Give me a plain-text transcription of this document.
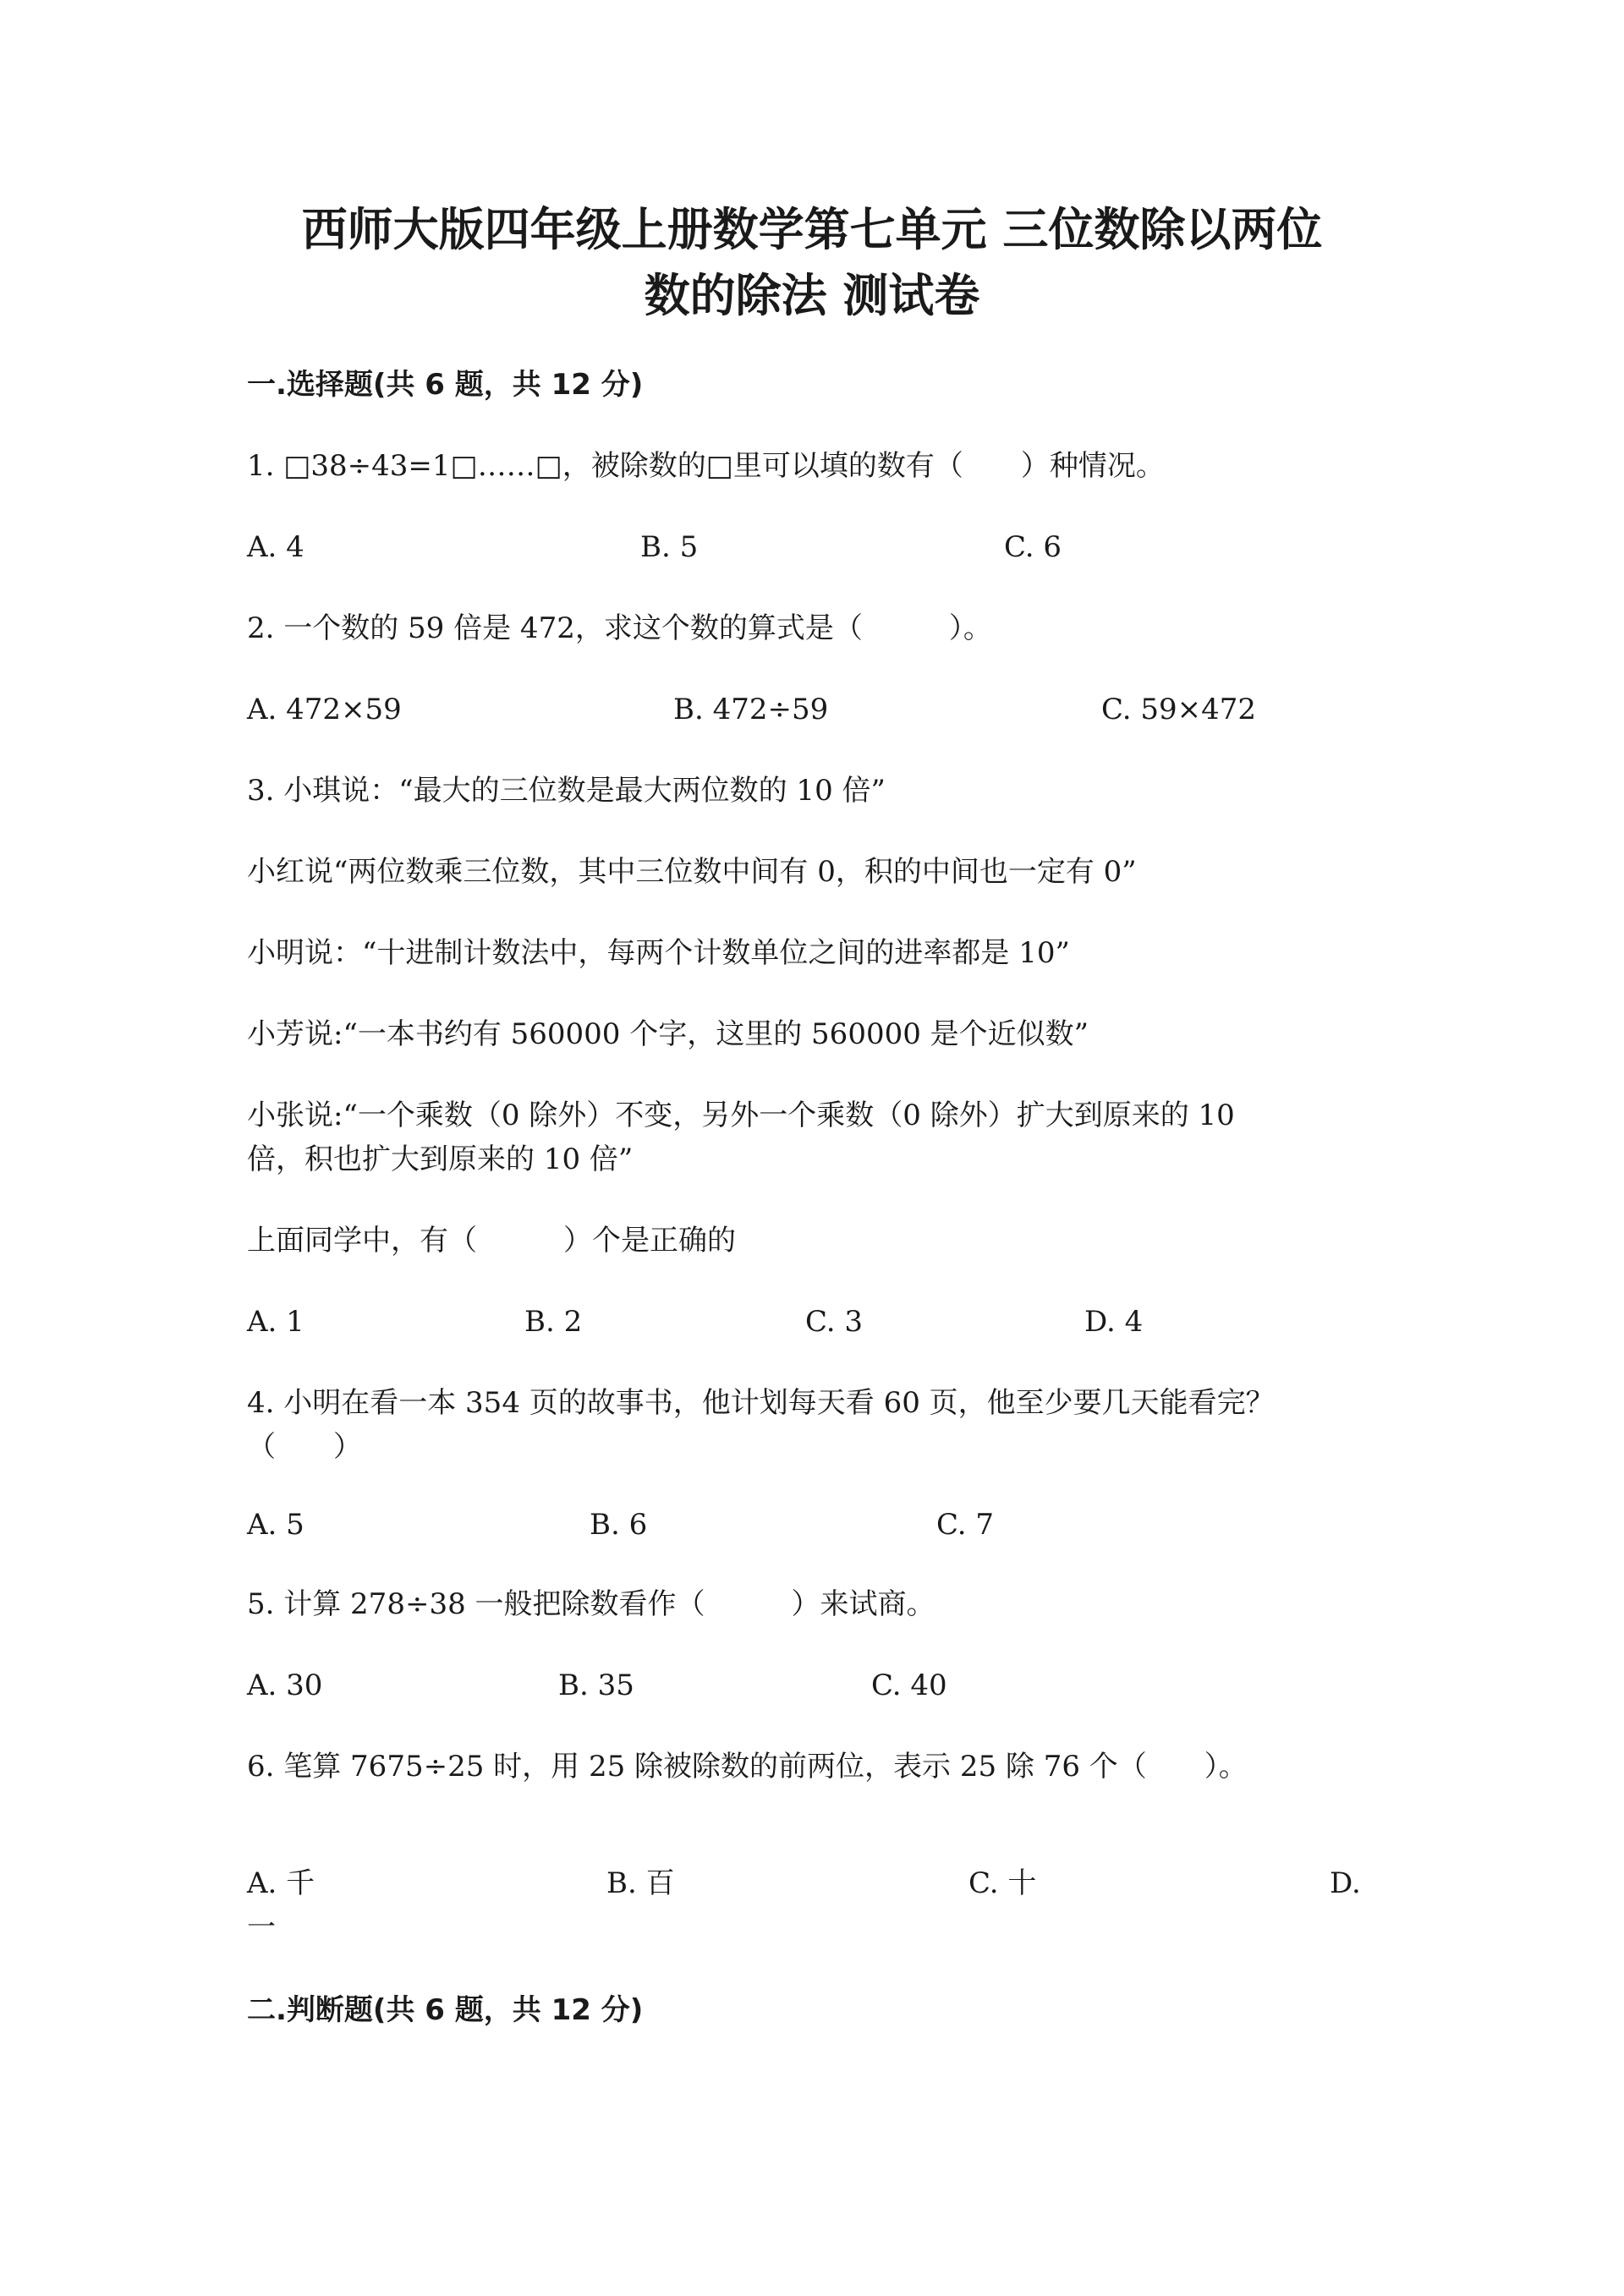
西师大版四年级上册数学第七单元 三位数除以两位
数的除法 测试卷

一.选择题(共 6 题，共 12 分)

1. □38÷43=1□……□，被除数的□里可以填的数有（　　）种情况。

A. 4	B. 5	C. 6

2. 一个数的 59 倍是 472，求这个数的算式是（　　　）。

A. 472×59	B. 472÷59	C. 59×472

3. 小琪说：“最大的三位数是最大两位数的 10 倍”

小红说“两位数乘三位数，其中三位数中间有 0，积的中间也一定有 0”

小明说：“十进制计数法中，每两个计数单位之间的进率都是 10”

小芳说:“一本书约有 560000 个字，这里的 560000 是个近似数”

小张说:“一个乘数（0 除外）不变，另外一个乘数（0 除外）扩大到原来的 10

倍，积也扩大到原来的 10 倍”

上面同学中，有（　　　）个是正确的

A. 1	B. 2	C. 3	D. 4

4. 小明在看一本 354 页的故事书，他计划每天看 60 页，他至少要几天能看完？

（　　）

A. 5	B. 6	C. 7

5. 计算 278÷38 一般把除数看作（　　　）来试商。

A. 30	B. 35	C. 40

6. 笔算 7675÷25 时，用 25 除被除数的前两位，表示 25 除 76 个（　　）。

A. 千	B. 百	C. 十	D.

一

二.判断题(共 6 题，共 12 分)
